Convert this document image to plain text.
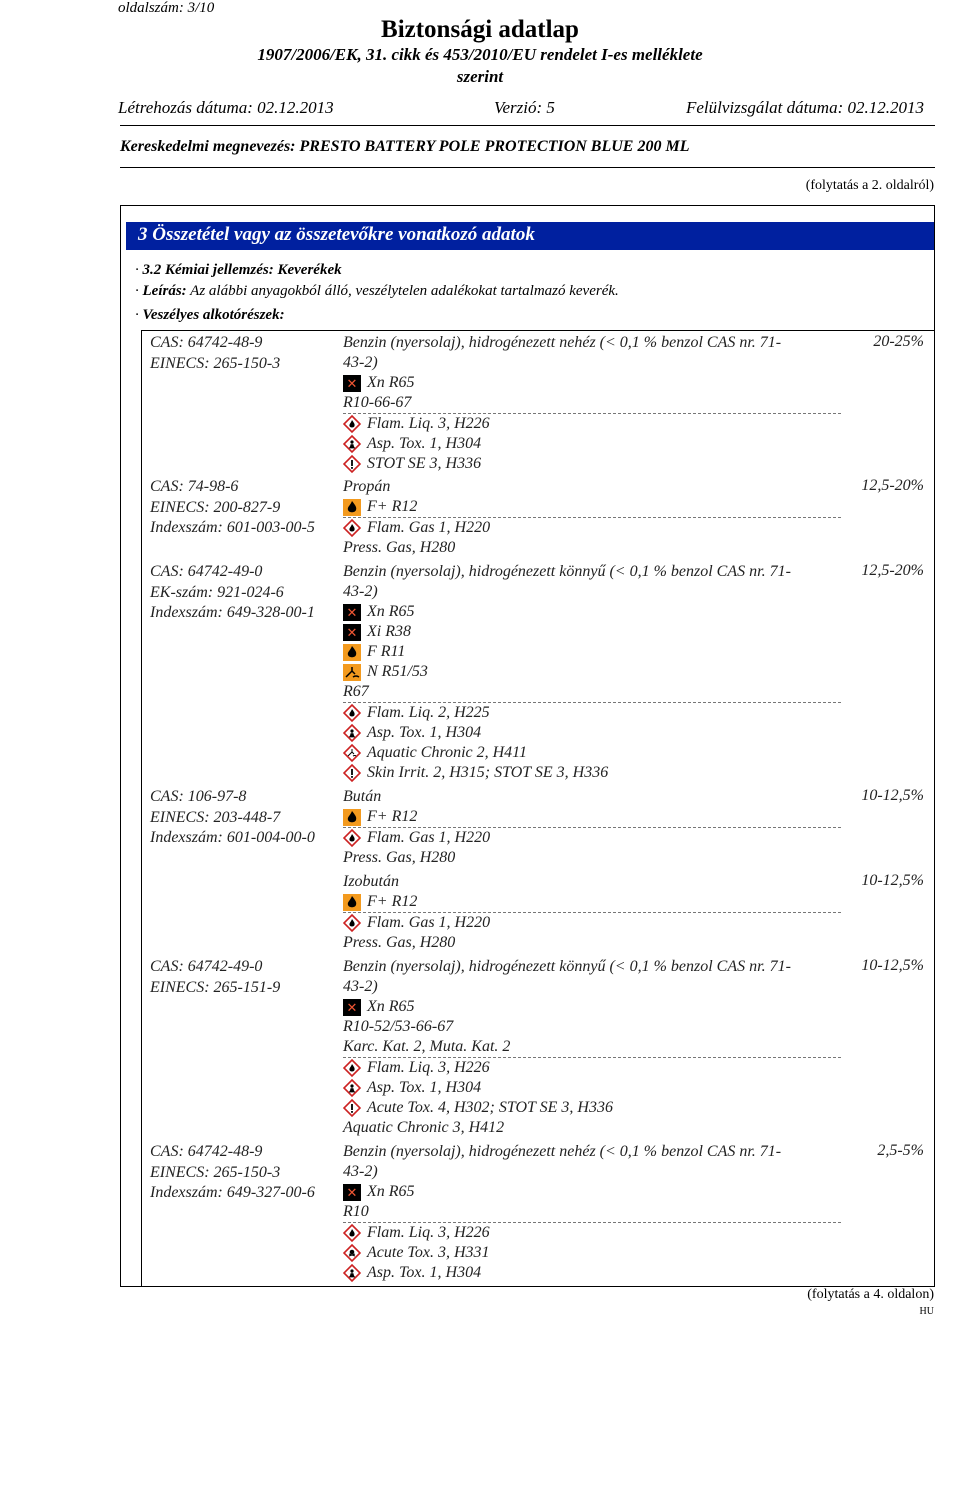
oldalszám: 3/10
Biztonsági adatlap
1907/2006/EK, 31. cikk és 453/2010/EU rendelet I-es melléklete
szerint
Létrehozás dátuma: 02.12.2013	Verzió: 5	Felülvizsgálat dátuma: 02.12.2013
Kereskedelmi megnevezés: PRESTO BATTERY POLE PROTECTION BLUE 200 ML
(folytatás a 2. oldalról)
3 Összetétel vagy az összetevőkre vonatkozó adatok
· 3.2 Kémiai jellemzés: Keverékek
· Leírás: Az alábbi anyagokból álló, veszélytelen adalékokat tartalmazó keverék.
· Veszélyes alkotórészek:
CAS: 64742-48-9
EINECS: 265-150-3
Benzin (nyersolaj), hidrogénezett nehéz (< 0,1 % benzol CAS nr. 71-
43-2)
✕ Xn R65
R10-66-67
Flam. Liq. 3, H226
Asp. Tox. 1, H304
STOT SE 3, H336
20-25%
CAS: 74-98-6
EINECS: 200-827-9
Indexszám: 601-003-00-5
Propán
F+ R12
Flam. Gas 1, H220
Press. Gas, H280
12,5-20%
CAS: 64742-49-0
EK-szám: 921-024-6
Indexszám: 649-328-00-1
Benzin (nyersolaj), hidrogénezett könnyű (< 0,1 % benzol CAS nr. 71-
43-2)
✕ Xn R65
✕ Xi R38
F R11
N R51/53
R67
Flam. Liq. 2, H225
Asp. Tox. 1, H304
Aquatic Chronic 2, H411
Skin Irrit. 2, H315; STOT SE 3, H336
12,5-20%
CAS: 106-97-8
EINECS: 203-448-7
Indexszám: 601-004-00-0
Bután
F+ R12
Flam. Gas 1, H220
Press. Gas, H280
10-12,5%
Izobután
F+ R12
Flam. Gas 1, H220
Press. Gas, H280
10-12,5%
CAS: 64742-49-0
EINECS: 265-151-9
Benzin (nyersolaj), hidrogénezett könnyű (< 0,1 % benzol CAS nr. 71-
43-2)
✕ Xn R65
R10-52/53-66-67
Karc. Kat. 2, Muta. Kat. 2
Flam. Liq. 3, H226
Asp. Tox. 1, H304
Acute Tox. 4, H302; STOT SE 3, H336
Aquatic Chronic 3, H412
10-12,5%
CAS: 64742-48-9
EINECS: 265-150-3
Indexszám: 649-327-00-6
Benzin (nyersolaj), hidrogénezett nehéz (< 0,1 % benzol CAS nr. 71-
43-2)
✕ Xn R65
R10
Flam. Liq. 3, H226
Acute Tox. 3, H331
Asp. Tox. 1, H304
2,5-5%
(folytatás a 4. oldalon)
HU
